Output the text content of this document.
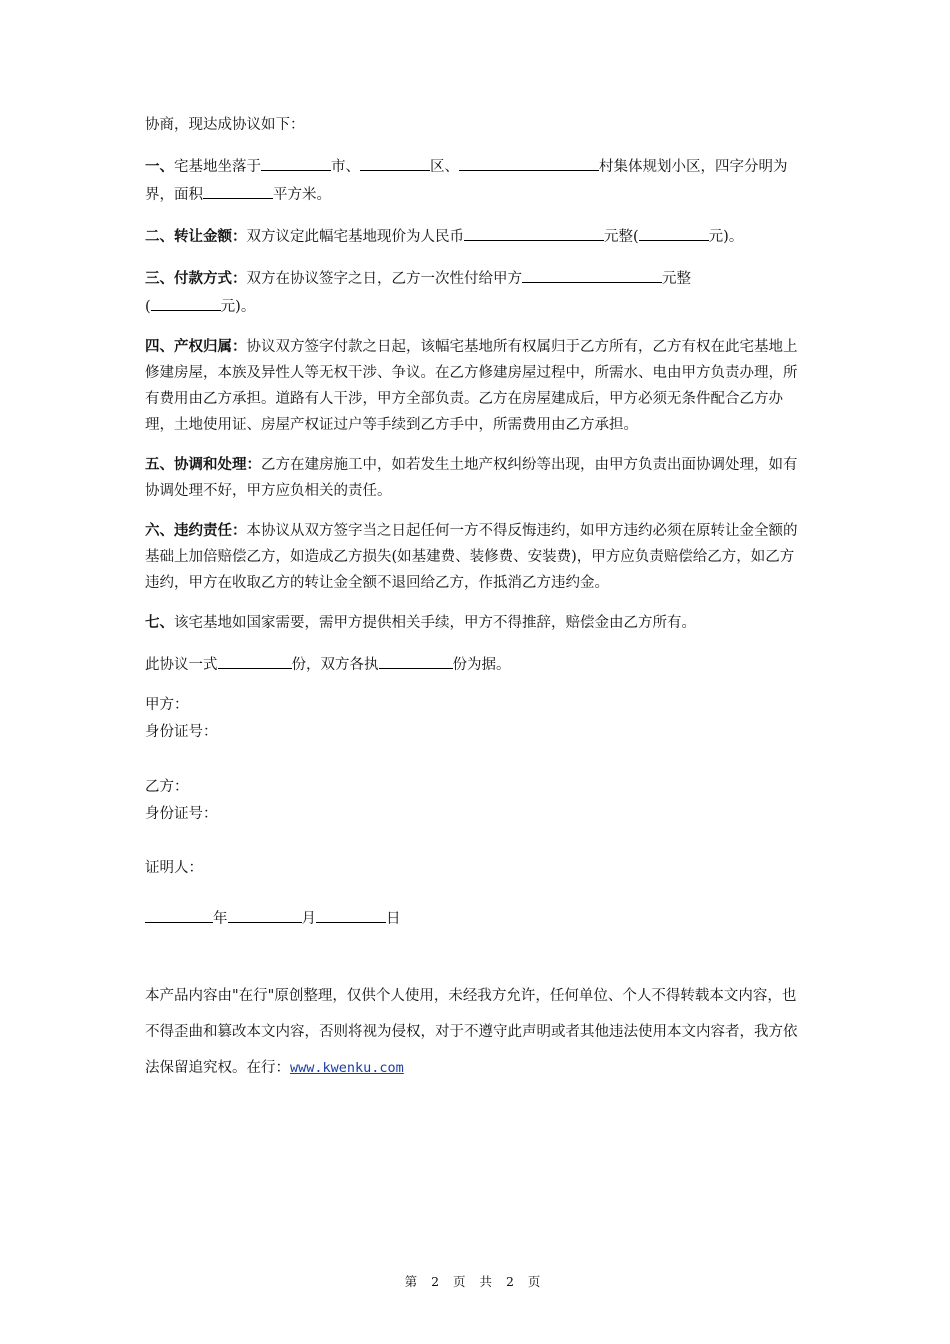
协商，现达成协议如下：

一、宅基地坐落于	市、	区、	村集体规划小区，四字分明为界，面积	平方米。

二、转让金额：双方议定此幅宅基地现价为人民币	元整(	元)。

三、付款方式：双方在协议签字之日，乙方一次性付给甲方	元整
(	元)。

四、产权归属：协议双方签字付款之日起，该幅宅基地所有权属归于乙方所有，乙方有权在此宅基地上修建房屋，本族及异性人等无权干涉、争议。在乙方修建房屋过程中，所需水、电由甲方负责办理，所有费用由乙方承担。道路有人干涉，甲方全部负责。乙方在房屋建成后，甲方必须无条件配合乙方办理，土地使用证、房屋产权证过户等手续到乙方手中，所需费用由乙方承担。

五、协调和处理：乙方在建房施工中，如若发生土地产权纠纷等出现，由甲方负责出面协调处理，如有协调处理不好，甲方应负相关的责任。

六、违约责任：本协议从双方签字当之日起任何一方不得反悔违约，如甲方违约必须在原转让金全额的基础上加倍赔偿乙方，如造成乙方损失(如基建费、装修费、安装费)，甲方应负责赔偿给乙方，如乙方违约，甲方在收取乙方的转让金全额不退回给乙方，作抵消乙方违约金。

七、该宅基地如国家需要，需甲方提供相关手续，甲方不得推辞，赔偿金由乙方所有。

此协议一式	份，双方各执	份为据。

甲方：

身份证号：

乙方：

身份证号：

证明人：

年	月	日

本产品内容由"在行"原创整理，仅供个人使用，未经我方允许，任何单位、个人不得转载本文内容，也不得歪曲和篡改本文内容，否则将视为侵权，对于不遵守此声明或者其他违法使用本文内容者，我方依法保留追究权。在行：www.kwenku.com

第 2 页 共 2 页
